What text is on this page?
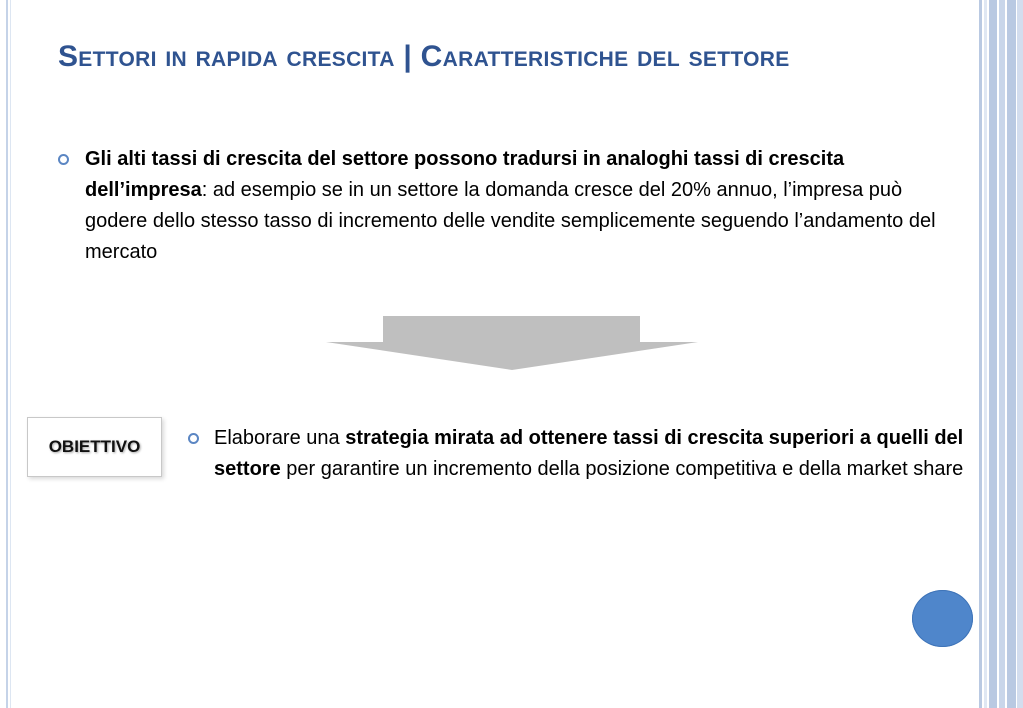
Settori in rapida crescita | Caratteristiche del settore

Gli alti tassi di crescita del settore possono tradursi in analoghi tassi di crescita dell’impresa: ad esempio se in un settore la domanda cresce del 20% annuo, l’impresa può godere dello stesso tasso di incremento delle vendite semplicemente seguendo l’andamento del mercato

OBIETTIVO	Elaborare una strategia mirata ad ottenere tassi di crescita superiori a quelli del settore per garantire un incremento della posizione competitiva e della market share
